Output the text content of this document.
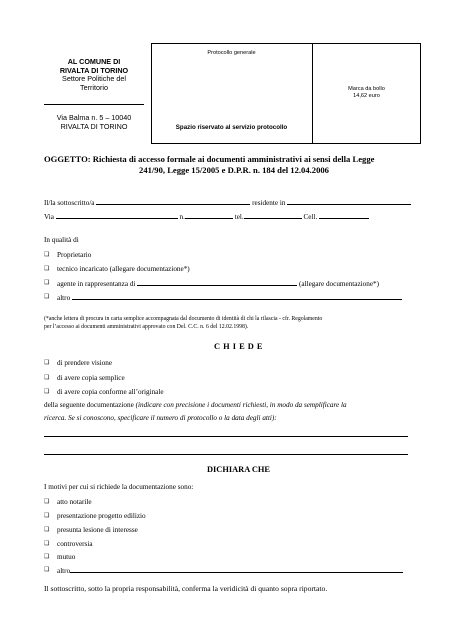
AL COMUNE DI
RIVALTA DI TORINO
Settore Politiche del
Territorio
Via Balma n. 5 – 10040
RIVALTA DI TORINO
Protocollo generale
Spazio riservato al servizio protocollo
Marca da bollo
14,62 euro
OGGETTO: Richiesta di accesso formale ai documenti amministrativi ai sensi della Legge
241/90, Legge 15/2005 e D.P.R. n. 184 del 12.04.2006
Il/la sottoscritto/a	residente in
Via	n.	tel.	Cell.
In qualità di
❑ Proprietario
❑ tecnico incaricato (allegare documentazione*)
❑ agente in rappresentanza di	(allegare documentazione*)
❑ altro
(*anche lettera di procura in carta semplice accompagnata dal documento di identità di chi la rilascia - cfr. Regolamento
per l’accesso ai documenti amministrativi approvato con Del. C.C. n. 6 del 12.02.1998).
C H I E D E
❑ di prendere visione
❑ di avere copia semplice
❑ di avere copia conforme all’originale
della seguente documentazione (indicare con precisione i documenti richiesti, in modo da semplificare la
ricerca. Se si conoscono, specificare il numero di protocollo o la data degli atti):
DICHIARA CHE
I motivi per cui si richiede la documentazione sono:
❑ atto notarile
❑ presentazione progetto edilizio
❑ presunta lesione di interesse
❑ controversia
❑ mutuo
❑ altro
Il sottoscritto, sotto la propria responsabilità, conferma la veridicità di quanto sopra riportato.
